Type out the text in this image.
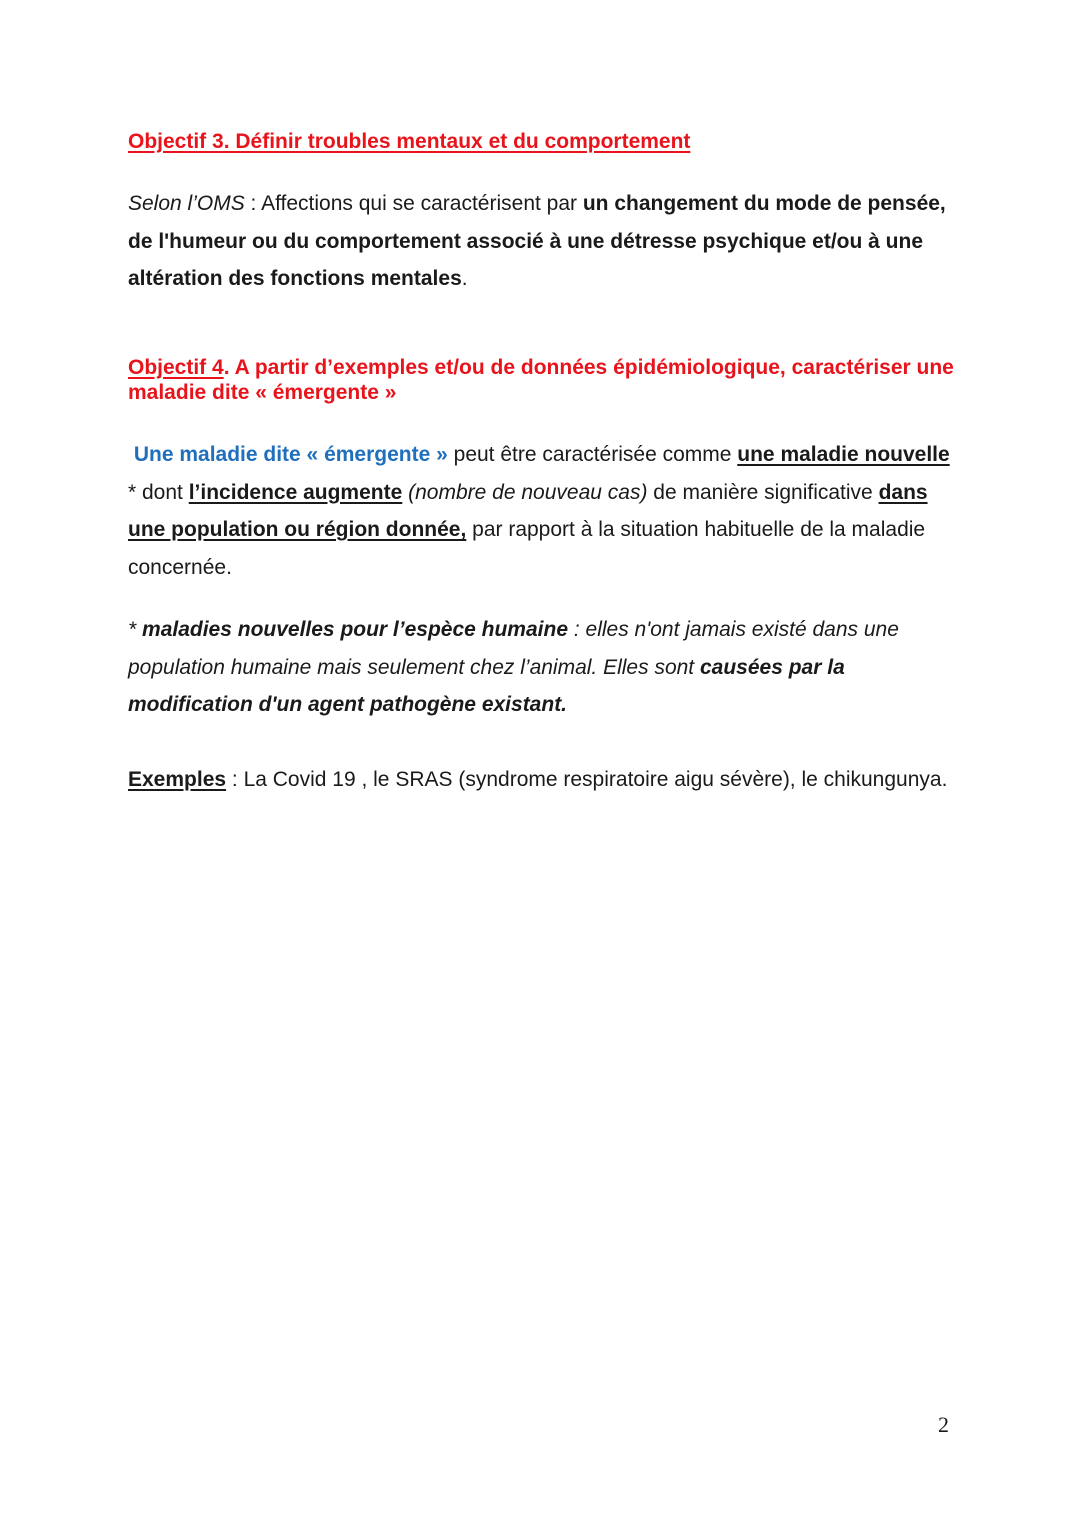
Objectif 3. Définir troubles mentaux et du comportement
Selon l’OMS : Affections qui se caractérisent par un changement du mode de pensée, de l'humeur ou du comportement associé à une détresse psychique et/ou à une altération des fonctions mentales.
Objectif 4. A partir d’exemples et/ou de données épidémiologique, caractériser une maladie dite « émergente »
Une maladie dite « émergente » peut être caractérisée comme une maladie nouvelle * dont l’incidence augmente (nombre de nouveau cas) de manière significative dans une population ou région donnée, par rapport à la situation habituelle de la maladie concernée.
* maladies nouvelles pour l’espèce humaine : elles n'ont jamais existé dans une population humaine mais seulement chez l’animal. Elles sont causées par la modification d'un agent pathogène existant.
Exemples : La Covid 19 , le SRAS (syndrome respiratoire aigu sévère), le chikungunya.
2
